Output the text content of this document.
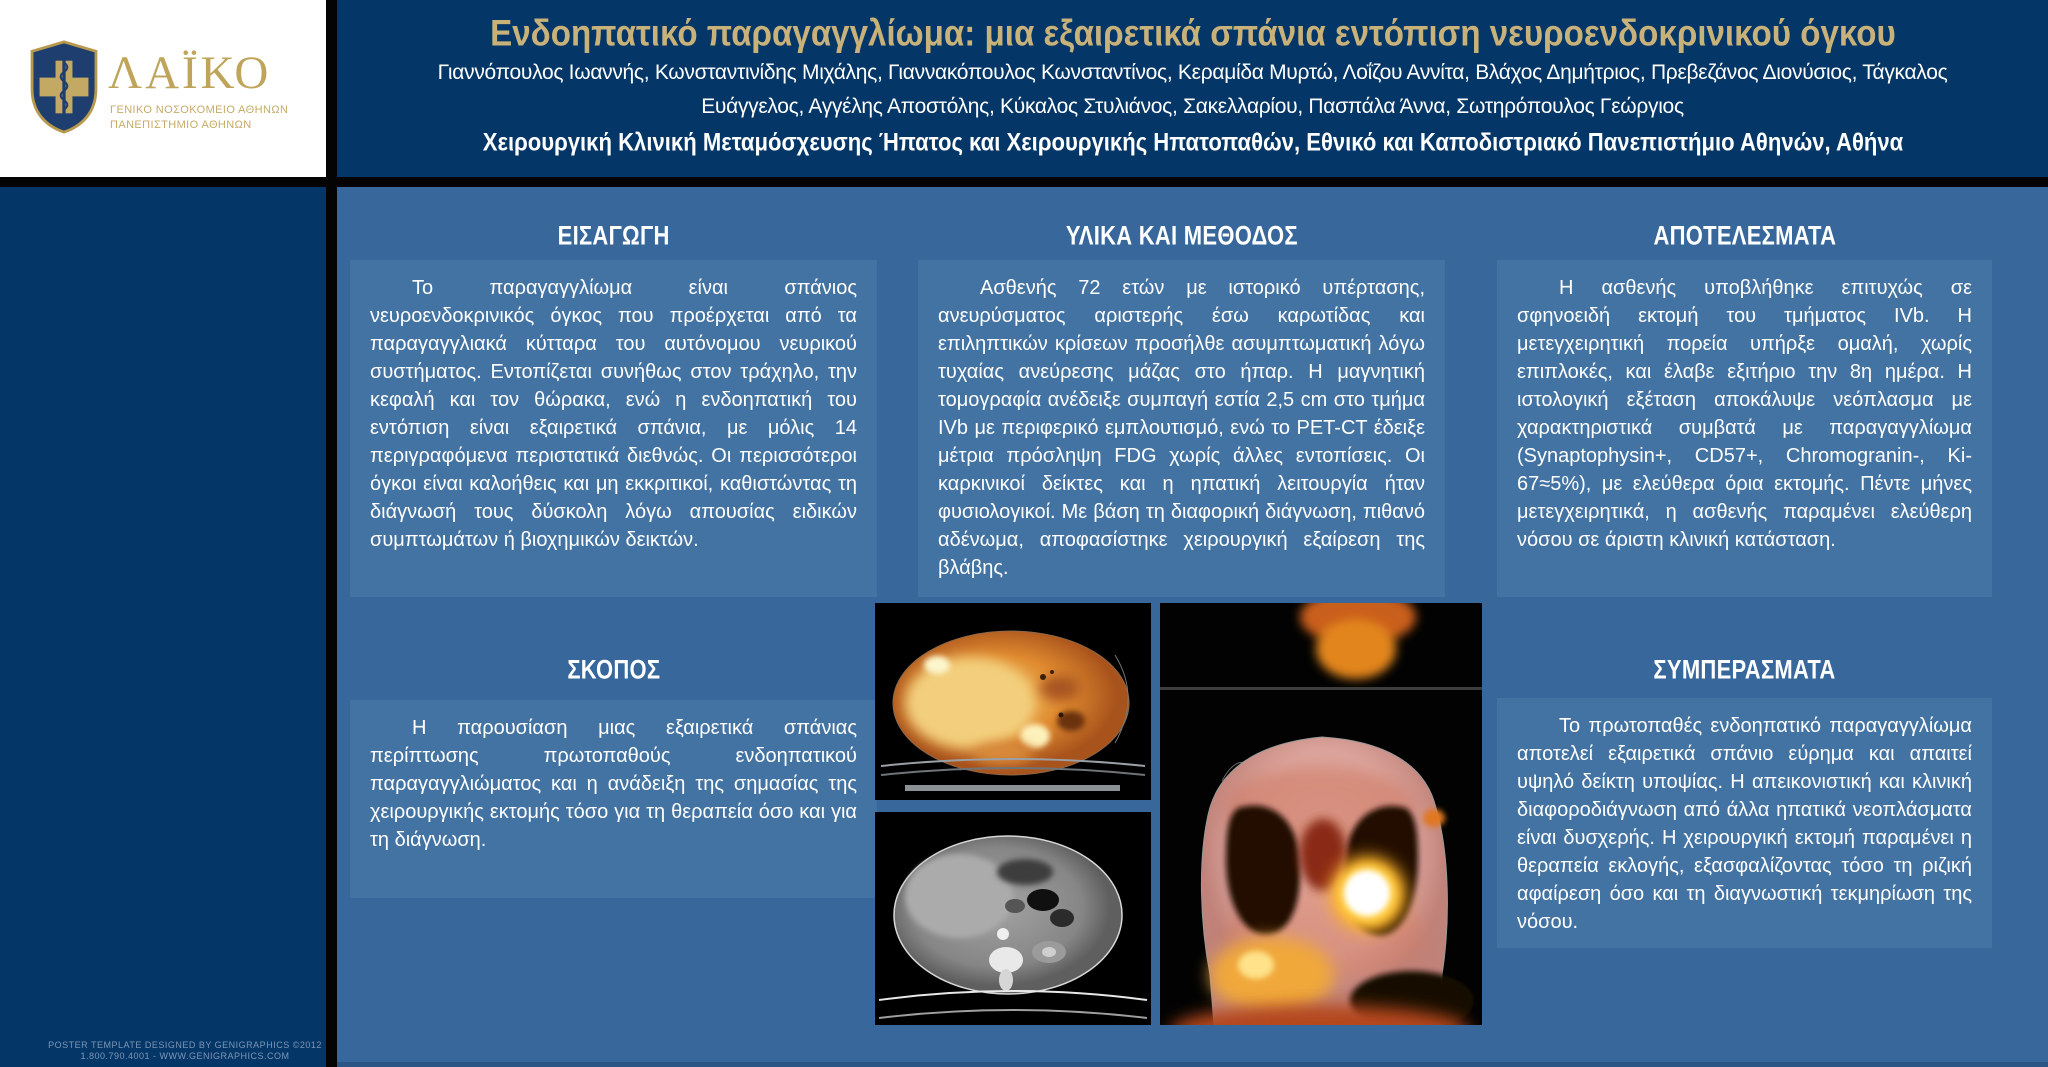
ΛΑΪΚΟ
ΓΕΝΙΚΟ ΝΟΣΟΚΟΜΕΙΟ ΑΘΗΝΩΝ
ΠΑΝΕΠΙΣΤΗΜΙΟ ΑΘΗΝΩΝ
Ενδοηπατικό παραγαγγλίωμα: μια εξαιρετικά σπάνια εντόπιση νευροενδοκρινικού όγκου
Γιαννόπουλος Ιωαννής, Κωνσταντινίδης Μιχάλης, Γιαννακόπουλος Κωνσταντίνος, Κεραμίδα Μυρτώ, Λοΐζου Αννίτα, Βλάχος Δημήτριος, Πρεβεζάνος Διονύσιος, Τάγκαλος Ευάγγελος, Αγγέλης Αποστόλης, Κύκαλος Στυλιάνος, Σακελλαρίου, Πασπάλα Άννα, Σωτηρόπουλος Γεώργιος
Χειρουργική Κλινική Μεταμόσχευσης Ήπατος και Χειρουργικής Ηπατοπαθών, Εθνικό και Καποδιστριακό Πανεπιστήμιο Αθηνών, Αθήνα
ΕΙΣΑΓΩΓΗ

Το παραγαγγλίωμα είναι σπάνιος νευροενδοκρινικός όγκος που προέρχεται από τα παραγαγγλιακά κύτταρα του αυτόνομου νευρικού συστήματος. Εντοπίζεται συνήθως στον τράχηλο, την κεφαλή και τον θώρακα, ενώ η ενδοηπατική του εντόπιση είναι εξαιρετικά σπάνια, με μόλις 14 περιγραφόμενα περιστατικά διεθνώς. Οι περισσότεροι όγκοι είναι καλοήθεις και μη εκκριτικοί, καθιστώντας τη διάγνωσή τους δύσκολη λόγω απουσίας ειδικών συμπτωμάτων ή βιοχημικών δεικτών.

ΣΚΟΠΟΣ

Η παρουσίαση μιας εξαιρετικά σπάνιας περίπτωσης πρωτοπαθούς ενδοηπατικού παραγαγγλιώματος και η ανάδειξη της σημασίας της χειρουργικής εκτομής τόσο για τη θεραπεία όσο και για τη διάγνωση.

ΥΛΙΚΑ ΚΑΙ ΜΕΘΟΔΟΣ

Ασθενής 72 ετών με ιστορικό υπέρτασης, ανευρύσματος αριστερής έσω καρωτίδας και επιληπτικών κρίσεων προσήλθε ασυμπτωματική λόγω τυχαίας ανεύρεσης μάζας στο ήπαρ. Η μαγνητική τομογραφία ανέδειξε συμπαγή εστία 2,5 cm στο τμήμα IVb με περιφερικό εμπλουτισμό, ενώ το PET-CT έδειξε μέτρια πρόσληψη FDG χωρίς άλλες εντοπίσεις. Οι καρκινικοί δείκτες και η ηπατική λειτουργία ήταν φυσιολογικοί. Με βάση τη διαφορική διάγνωση, πιθανό αδένωμα, αποφασίστηκε χειρουργική εξαίρεση της βλάβης.

ΑΠΟΤΕΛΕΣΜΑΤΑ

Η ασθενής υποβλήθηκε επιτυχώς σε σφηνοειδή εκτομή του τμήματος IVb. Η μετεγχειρητική πορεία υπήρξε ομαλή, χωρίς επιπλοκές, και έλαβε εξιτήριο την 8η ημέρα. Η ιστολογική εξέταση αποκάλυψε νεόπλασμα με χαρακτηριστικά συμβατά με παραγαγγλίωμα (Synaptophysin+, CD57+, Chromogranin-, Ki-67≈5%), με ελεύθερα όρια εκτομής. Πέντε μήνες μετεγχειρητικά, η ασθενής παραμένει ελεύθερη νόσου σε άριστη κλινική κατάσταση.

ΣΥΜΠΕΡΑΣΜΑΤΑ

Το πρωτοπαθές ενδοηπατικό παραγαγγλίωμα αποτελεί εξαιρετικά σπάνιο εύρημα και απαιτεί υψηλό δείκτη υποψίας. Η απεικονιστική και κλινική διαφοροδιάγνωση από άλλα ηπατικά νεοπλάσματα είναι δυσχερής. Η χειρουργική εκτομή παραμένει η θεραπεία εκλογής, εξασφαλίζοντας τόσο τη ριζική αφαίρεση όσο και τη διαγνωστική τεκμηρίωση της νόσου.

POSTER TEMPLATE DESIGNED BY GENIGRAPHICS ©2012
1.800.790.4001 - WWW.GENIGRAPHICS.COM
